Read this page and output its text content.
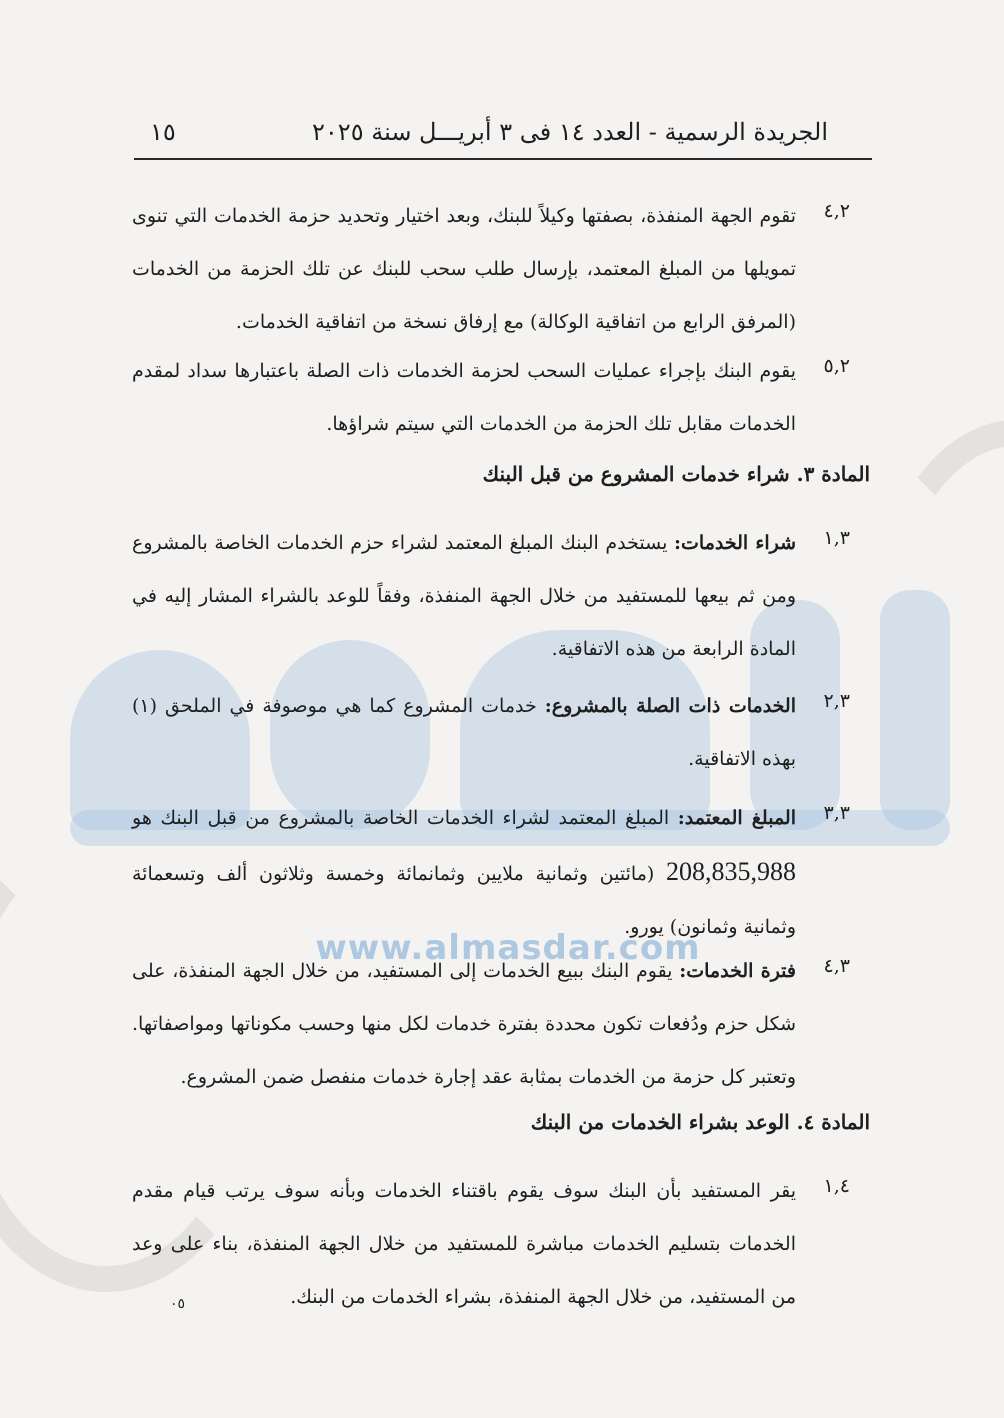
www.almasdar.com
الجريدة الرسمية - العدد ١٤ فى ٣ أبريـــل سنة ٢٠٢٥
١٥
٤,٢
تقوم الجهة المنفذة، بصفتها وكيلاً للبنك، وبعد اختيار وتحديد حزمة الخدمات التي تنوى تمويلها من المبلغ المعتمد، بإرسال طلب سحب للبنك عن تلك الحزمة من الخدمات (المرفق الرابع من اتفاقية الوكالة) مع إرفاق نسخة من اتفاقية الخدمات.
٥,٢
يقوم البنك بإجراء عمليات السحب لحزمة الخدمات ذات الصلة باعتبارها سداد لمقدم الخدمات مقابل تلك الحزمة من الخدمات التي سيتم شراؤها.
المادة ٣. شراء خدمات المشروع من قبل البنك
١,٣
شراء الخدمات: يستخدم البنك المبلغ المعتمد لشراء حزم الخدمات الخاصة بالمشروع ومن ثم بيعها للمستفيد من خلال الجهة المنفذة، وفقاً للوعد بالشراء المشار إليه في المادة الرابعة من هذه الاتفاقية.
٢,٣
الخدمات ذات الصلة بالمشروع: خدمات المشروع كما هي موصوفة في الملحق (١) بهذه الاتفاقية.
٣,٣
المبلغ المعتمد: المبلغ المعتمد لشراء الخدمات الخاصة بالمشروع من قبل البنك هو 208,835,988 (مائتين وثمانية ملايين وثمانمائة وخمسة وثلاثون ألف وتسعمائة وثمانية وثمانون) يورو.
٤,٣
فترة الخدمات: يقوم البنك ببيع الخدمات إلى المستفيد، من خلال الجهة المنفذة، على شكل حزم ودُفعات تكون محددة بفترة خدمات لكل منها وحسب مكوناتها ومواصفاتها. وتعتبر كل حزمة من الخدمات بمثابة عقد إجارة خدمات منفصل ضمن المشروع.
المادة ٤. الوعد بشراء الخدمات من البنك
١,٤
يقر المستفيد بأن البنك سوف يقوم باقتناء الخدمات وبأنه سوف يرتب قيام مقدم الخدمات بتسليم الخدمات مباشرة للمستفيد من خلال الجهة المنفذة، بناء على وعد من المستفيد، من خلال الجهة المنفذة، بشراء الخدمات من البنك.
٠٥
